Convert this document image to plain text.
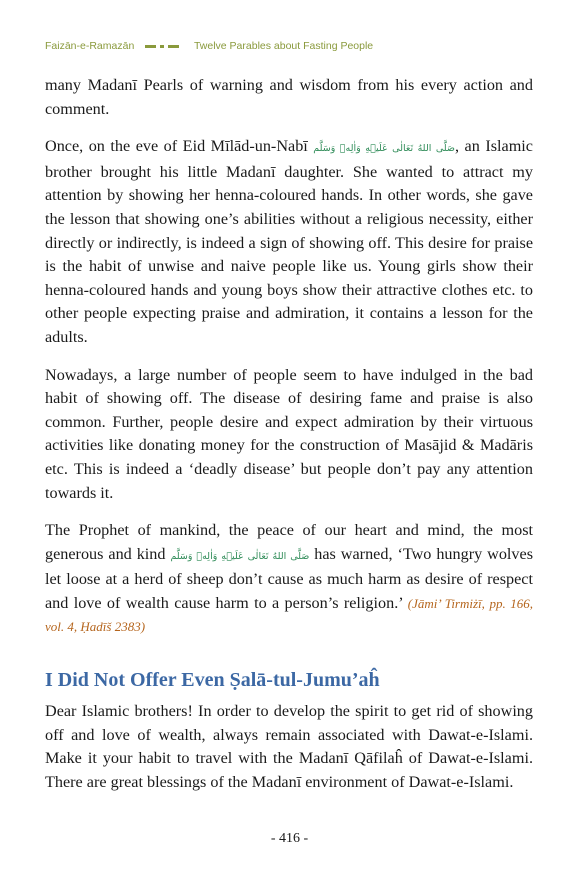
Faizān-e-Ramazān	Twelve Parables about Fasting People

many Madanī Pearls of warning and wisdom from his every action and comment.

Once, on the eve of Eid Mīlād-un-Nabī صَلَّى اللهُ تَعَالٰى عَلَيۡهِ وَاٰلِهٖ وَسَلَّم, an Islamic brother brought his little Madanī daughter. She wanted to attract my attention by showing her henna-coloured hands. In other words, she gave the lesson that showing one’s abilities without a religious necessity, either directly or indirectly, is indeed a sign of showing off. This desire for praise is the habit of unwise and naive people like us. Young girls show their henna-coloured hands and young boys show their attractive clothes etc. to other people expecting praise and admiration, it contains a lesson for the adults.

Nowadays, a large number of people seem to have indulged in the bad habit of showing off. The disease of desiring fame and praise is also common. Further, people desire and expect admiration by their virtuous activities like donating money for the construction of Masājid & Madāris etc. This is indeed a ‘deadly disease’ but people don’t pay any attention towards it.

The Prophet of mankind, the peace of our heart and mind, the most generous and kind صَلَّى اللهُ تَعَالٰى عَلَيۡهِ وَاٰلِهٖ وَسَلَّم has warned, ‘Two hungry wolves let loose at a herd of sheep don’t cause as much harm as desire of respect and love of wealth cause harm to a person’s religion.’ (Jāmi’ Tirmiżī, pp. 166, vol. 4, Ḥadīš 2383)

I Did Not Offer Even Ṣalā-tul-Jumu’aĥ

Dear Islamic brothers! In order to develop the spirit to get rid of showing off and love of wealth, always remain associated with Dawat-e-Islami. Make it your habit to travel with the Madanī Qāfilaĥ of Dawat-e-Islami. There are great blessings of the Madanī environment of Dawat-e-Islami.

- 416 -
